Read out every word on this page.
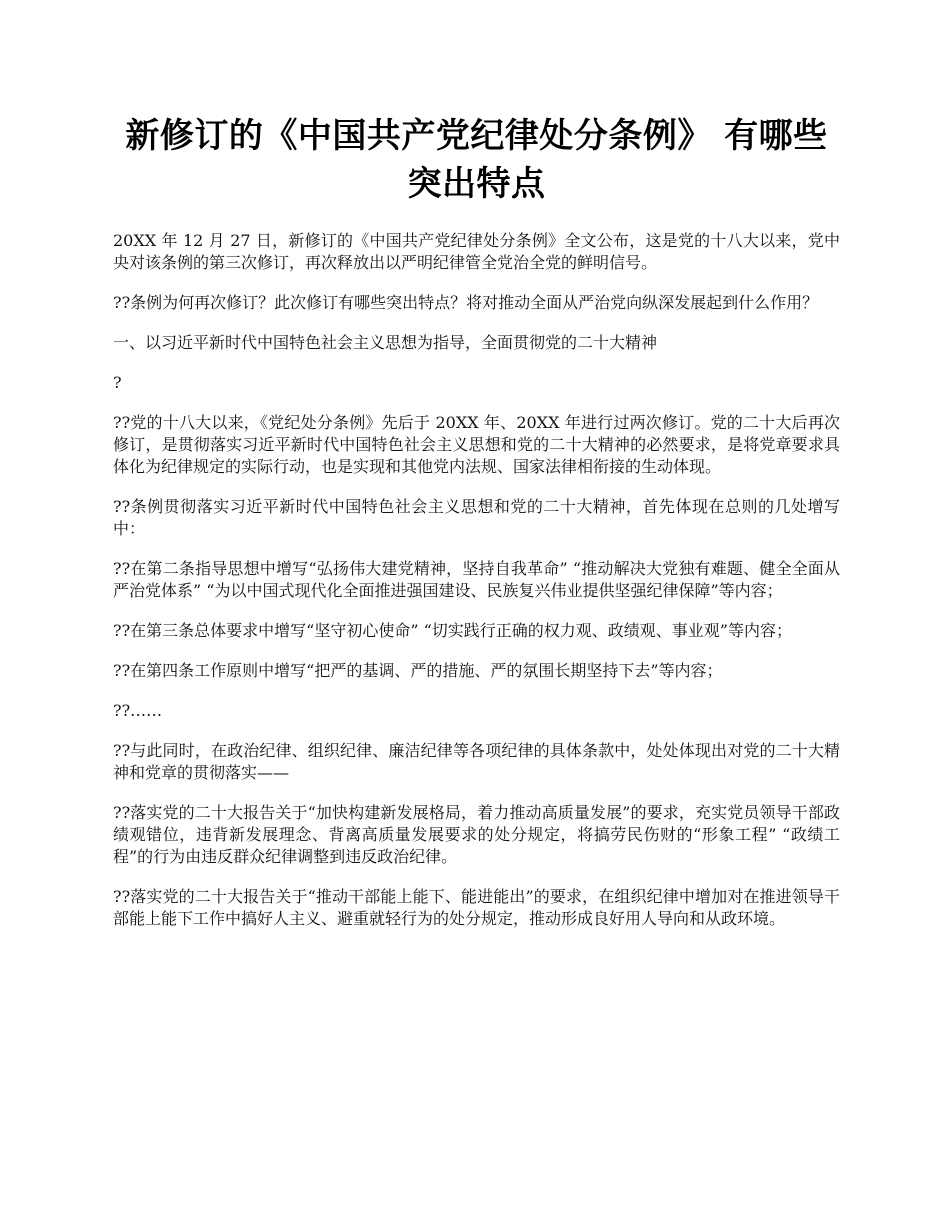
新修订的《中国共产党纪律处分条例》 有哪些突出特点

20XX 年 12 月 27 日，新修订的《中国共产党纪律处分条例》全文公布，这是党的十八大以来，党中央对该条例的第三次修订，再次释放出以严明纪律管全党治全党的鲜明信号。

??条例为何再次修订？此次修订有哪些突出特点？将对推动全面从严治党向纵深发展起到什么作用？

一、以习近平新时代中国特色社会主义思想为指导，全面贯彻党的二十大精神

?

??党的十八大以来，《党纪处分条例》先后于 20XX 年、20XX 年进行过两次修订。党的二十大后再次修订，是贯彻落实习近平新时代中国特色社会主义思想和党的二十大精神的必然要求，是将党章要求具体化为纪律规定的实际行动，也是实现和其他党内法规、国家法律相衔接的生动体现。

??条例贯彻落实习近平新时代中国特色社会主义思想和党的二十大精神，首先体现在总则的几处增写中：

??在第二条指导思想中增写“弘扬伟大建党精神，坚持自我革命” “推动解决大党独有难题、健全全面从严治党体系” “为以中国式现代化全面推进强国建设、民族复兴伟业提供坚强纪律保障”等内容；

??在第三条总体要求中增写“坚守初心使命” “切实践行正确的权力观、政绩观、事业观”等内容；

??在第四条工作原则中增写“把严的基调、严的措施、严的氛围长期坚持下去”等内容；

??……

??与此同时，在政治纪律、组织纪律、廉洁纪律等各项纪律的具体条款中，处处体现出对党的二十大精神和党章的贯彻落实——

??落实党的二十大报告关于“加快构建新发展格局，着力推动高质量发展”的要求，充实党员领导干部政绩观错位，违背新发展理念、背离高质量发展要求的处分规定，将搞劳民伤财的“形象工程” “政绩工程”的行为由违反群众纪律调整到违反政治纪律。

??落实党的二十大报告关于“推动干部能上能下、能进能出”的要求，在组织纪律中增加对在推进领导干部能上能下工作中搞好人主义、避重就轻行为的处分规定，推动形成良好用人导向和从政环境。
